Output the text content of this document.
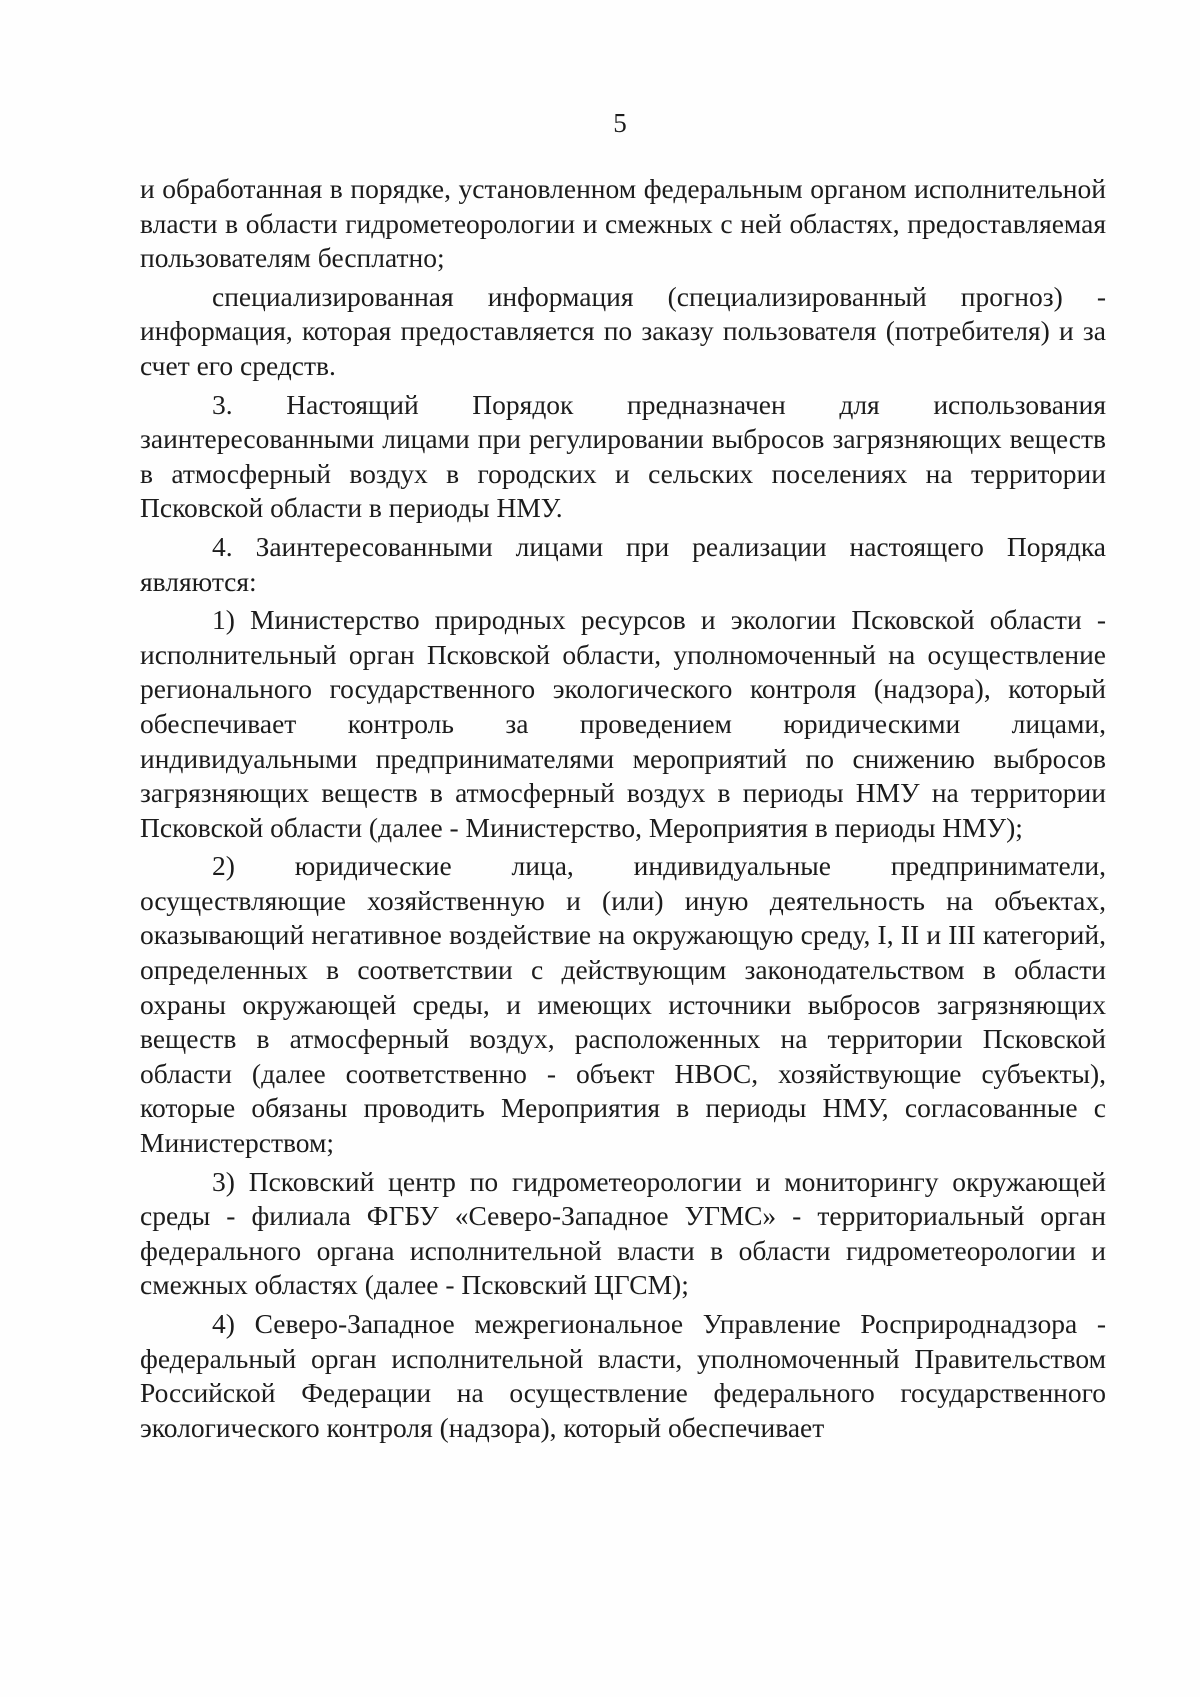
5

и обработанная в порядке, установленном федеральным органом исполнительной власти в области гидрометеорологии и смежных с ней областях, предоставляемая пользователям бесплатно;

специализированная информация (специализированный прогноз) - информация, которая предоставляется по заказу пользователя (потребителя) и за счет его средств.

3. Настоящий Порядок предназначен для использования заинтересованными лицами при регулировании выбросов загрязняющих веществ в атмосферный воздух в городских и сельских поселениях на территории Псковской области в периоды НМУ.

4. Заинтересованными лицами при реализации настоящего Порядка являются:

1) Министерство природных ресурсов и экологии Псковской области - исполнительный орган Псковской области, уполномоченный на осуществление регионального государственного экологического контроля (надзора), который обеспечивает контроль за проведением юридическими лицами, индивидуальными предпринимателями мероприятий по снижению выбросов загрязняющих веществ в атмосферный воздух в периоды НМУ на территории Псковской области (далее - Министерство, Мероприятия в периоды НМУ);

2) юридические лица, индивидуальные предприниматели, осуществляющие хозяйственную и (или) иную деятельность на объектах, оказывающий негативное воздействие на окружающую среду, I, II и III категорий, определенных в соответствии с действующим законодательством в области охраны окружающей среды, и имеющих источники выбросов загрязняющих веществ в атмосферный воздух, расположенных на территории Псковской области (далее соответственно - объект НВОС, хозяйствующие субъекты), которые обязаны проводить Мероприятия в периоды НМУ, согласованные с Министерством;

3) Псковский центр по гидрометеорологии и мониторингу окружающей среды - филиала ФГБУ «Северо-Западное УГМС» - территориальный орган федерального органа исполнительной власти в области гидрометеорологии и смежных областях (далее - Псковский ЦГСМ);

4) Северо-Западное межрегиональное Управление Росприроднадзора - федеральный орган исполнительной власти, уполномоченный Правительством Российской Федерации на осуществление федерального государственного экологического контроля (надзора), который обеспечивает
